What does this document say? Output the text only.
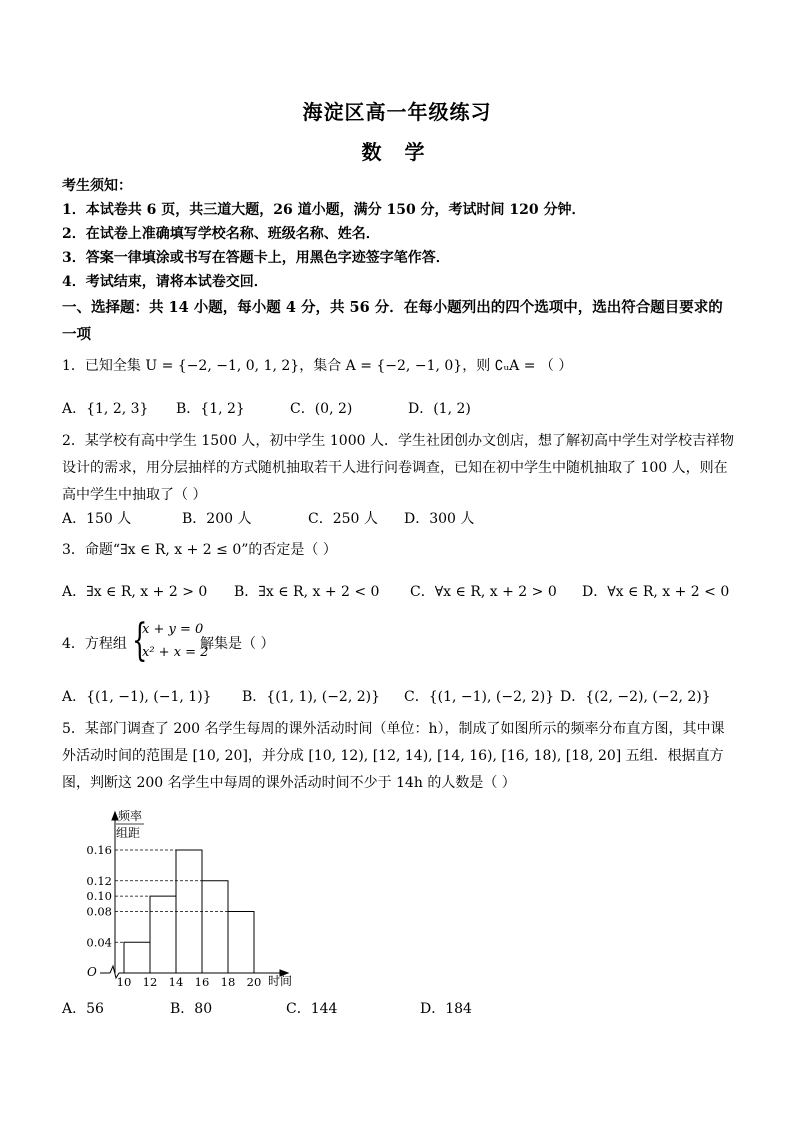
海淀区高一年级练习
数 学
考生须知：
1．本试卷共 6 页，共三道大题，26 道小题，满分 150 分，考试时间 120 分钟．
2．在试卷上准确填写学校名称、班级名称、姓名．
3．答案一律填涂或书写在答题卡上，用黑色字迹签字笔作答．
4．考试结束，请将本试卷交回．
一、选择题：共 14 小题，每小题 4 分，共 56 分．在每小题列出的四个选项中，选出符合题目要求的一项
1．已知全集 U = {−2, −1, 0, 1, 2}，集合 A = {−2, −1, 0}，则 ∁ᵤA = （ ）
A．{1, 2, 3} B．{1, 2}	C．(0, 2)	D．(1, 2)
2．某学校有高中学生 1500 人，初中学生 1000 人．学生社团创办文创店，想了解初高中学生对学校吉祥物设计的需求，用分层抽样的方式随机抽取若干人进行问卷调查，已知在初中学生中随机抽取了 100 人，则在高中学生中抽取了（ ）
A．150 人	B．200 人	C．250 人 D．300 人
3．命题“∃x ∈ R, x + 2 ≤ 0”的否定是（ ）
A．∃x ∈ R, x + 2 > 0 B．∃x ∈ R, x + 2 < 0 C．∀x ∈ R, x + 2 > 0 D．∀x ∈ R, x + 2 < 0
4．方程组 {
x + y = 0
x² + x = 2
解集是（ ）
A．{(1, −1), (−1, 1)} B．{(1, 1), (−2, 2)} C．{(1, −1), (−2, 2)} D．{(2, −2), (−2, 2)}
5．某部门调查了 200 名学生每周的课外活动时间（单位：h），制成了如图所示的频率分布直方图，其中课外活动时间的范围是 [10, 20]，并分成 [10, 12), [12, 14), [14, 16), [16, 18), [18, 20] 五组．根据直方图，判断这 200 名学生中每周的课外活动时间不少于 14h 的人数是（ ）
0.04
0.08
0.10
0.12
0.16
10 12 14 16 18 20
频率
组距
O
时间
A．56	B．80	C．144	D．184
